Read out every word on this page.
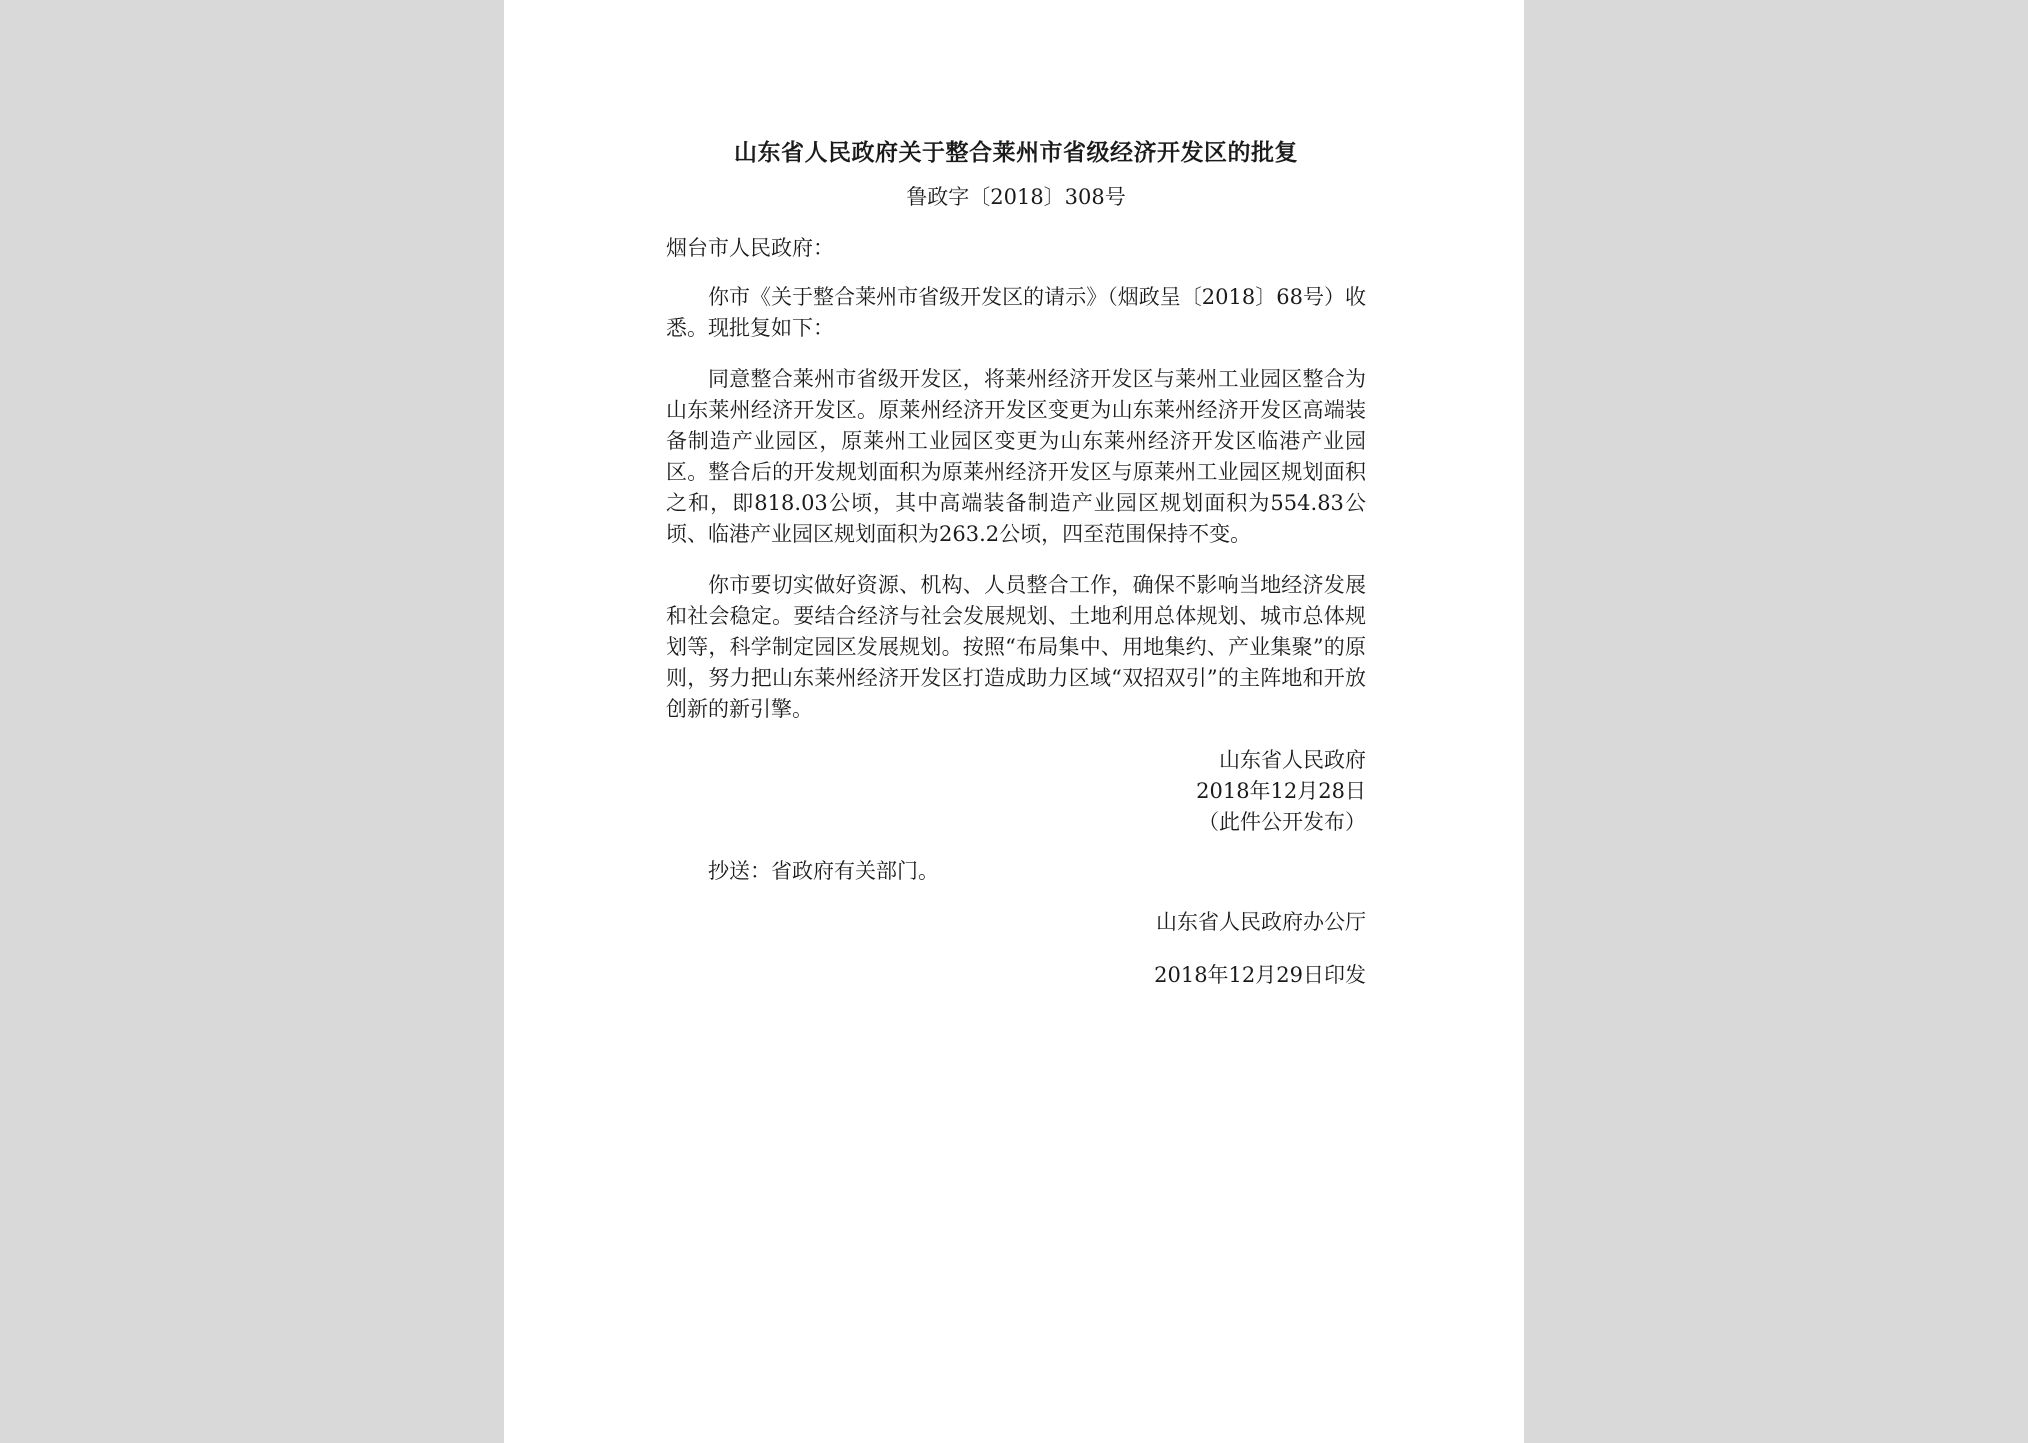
山东省人民政府关于整合莱州市省级经济开发区的批复
鲁政字〔2018〕308号
烟台市人民政府：

你市《关于整合莱州市省级开发区的请示》（烟政呈〔2018〕68号）收悉。现批复如下：

同意整合莱州市省级开发区，将莱州经济开发区与莱州工业园区整合为山东莱州经济开发区。原莱州经济开发区变更为山东莱州经济开发区高端装备制造产业园区，原莱州工业园区变更为山东莱州经济开发区临港产业园区。整合后的开发规划面积为原莱州经济开发区与原莱州工业园区规划面积之和，即818.03公顷，其中高端装备制造产业园区规划面积为554.83公顷、临港产业园区规划面积为263.2公顷，四至范围保持不变。

你市要切实做好资源、机构、人员整合工作，确保不影响当地经济发展和社会稳定。要结合经济与社会发展规划、土地利用总体规划、城市总体规划等，科学制定园区发展规划。按照“布局集中、用地集约、产业集聚”的原则，努力把山东莱州经济开发区打造成助力区域“双招双引”的主阵地和开放创新的新引擎。

山东省人民政府
2018年12月28日
（此件公开发布）
抄送：省政府有关部门。
山东省人民政府办公厅
2018年12月29日印发
